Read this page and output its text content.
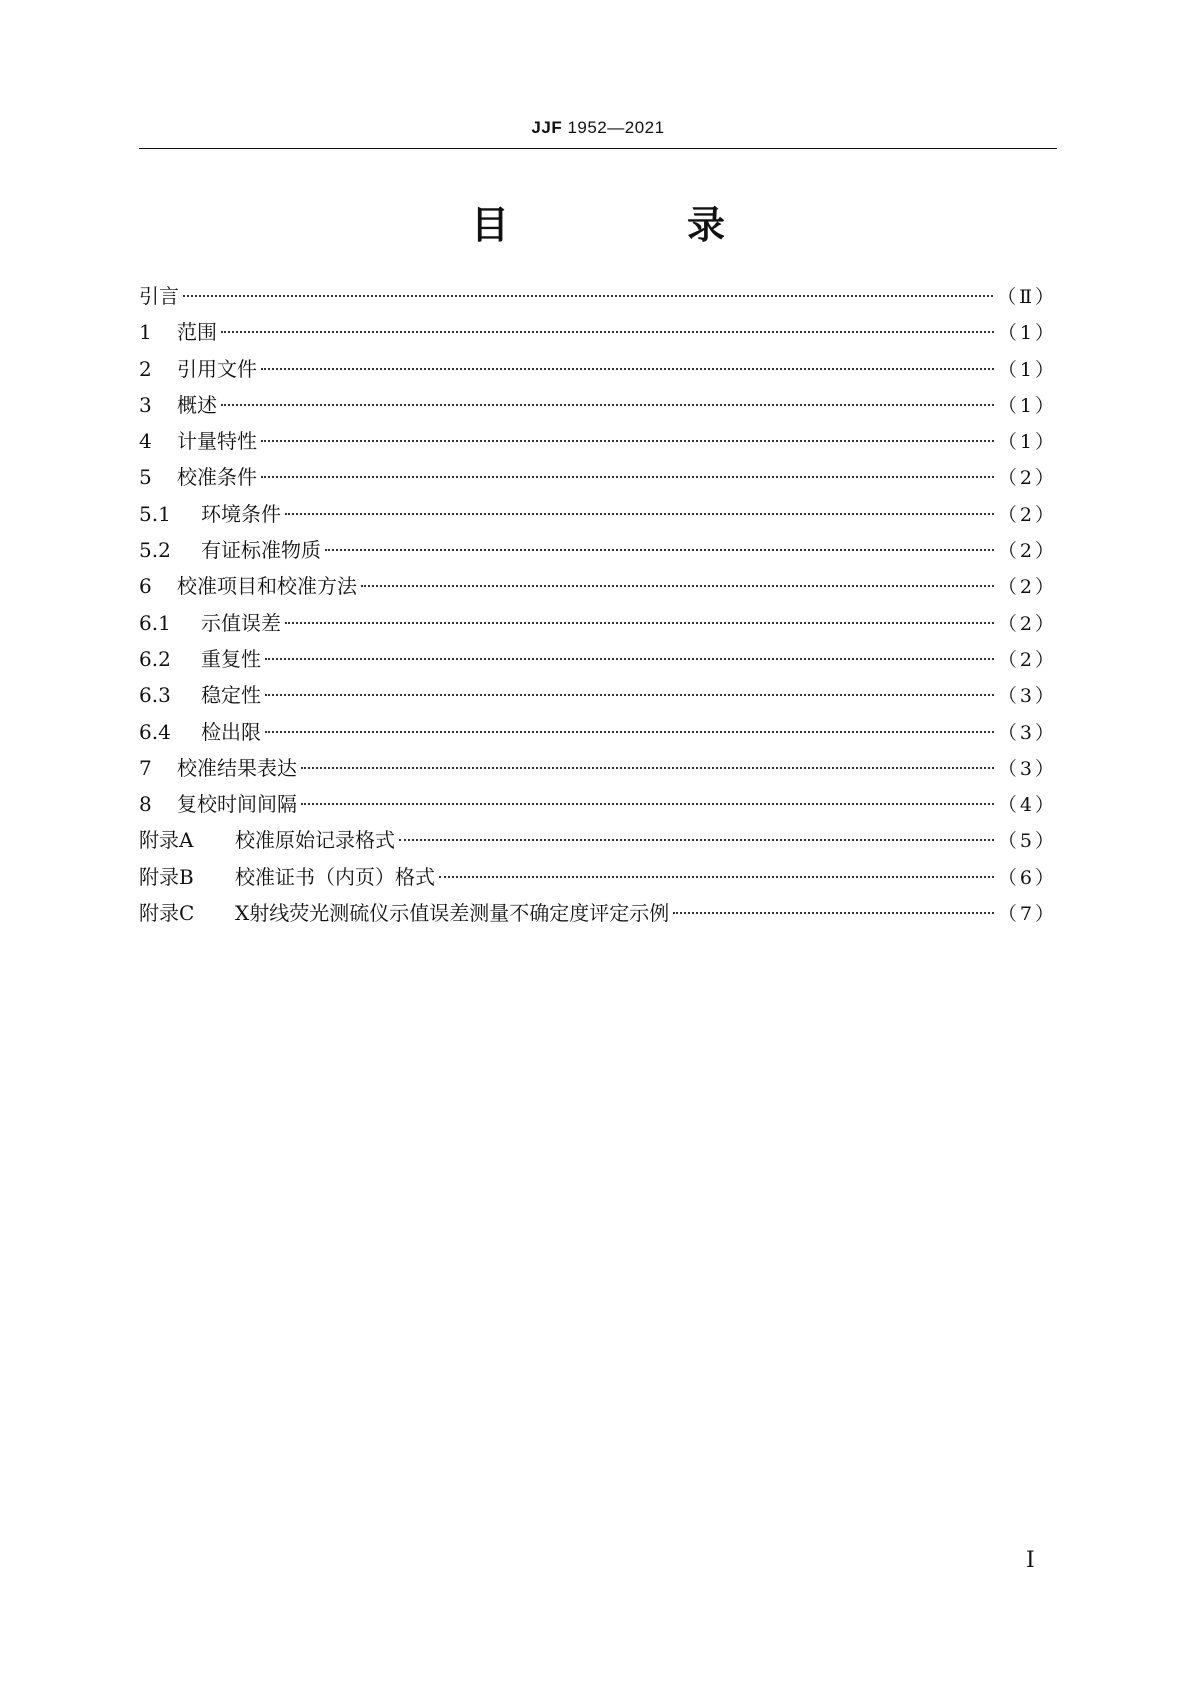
JJF 1952—2021
目　录
引言	（Ⅱ）
1	范围	（1）
2	引用文件	（1）
3	概述	（1）
4	计量特性	（1）
5	校准条件	（2）
5.1	环境条件	（2）
5.2	有证标准物质	（2）
6	校准项目和校准方法	（2）
6.1	示值误差	（2）
6.2	重复性	（2）
6.3	稳定性	（3）
6.4	检出限	（3）
7	校准结果表达	（3）
8	复校时间间隔	（4）
附录A	校准原始记录格式	（5）
附录B	校准证书（内页）格式	（6）
附录C	X射线荧光测硫仪示值误差测量不确定度评定示例	（7）
I
